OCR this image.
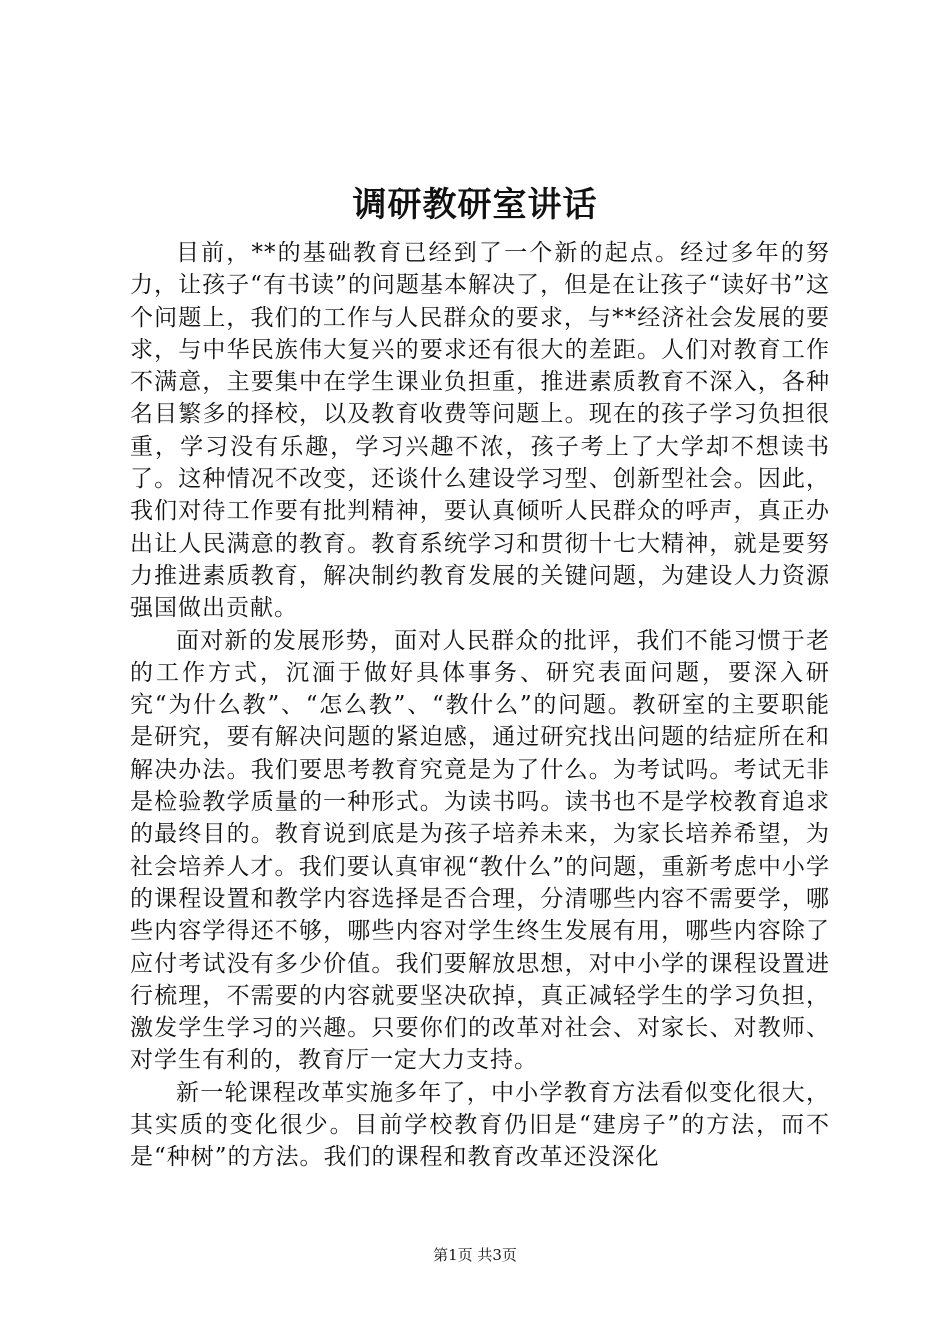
调研教研室讲话

目前，**的基础教育已经到了一个新的起点。经过多年的努力，让孩子“有书读”的问题基本解决了，但是在让孩子“读好书”这个问题上，我们的工作与人民群众的要求，与**经济社会发展的要求，与中华民族伟大复兴的要求还有很大的差距。人们对教育工作不满意，主要集中在学生课业负担重，推进素质教育不深入，各种名目繁多的择校，以及教育收费等问题上。现在的孩子学习负担很重，学习没有乐趣，学习兴趣不浓，孩子考上了大学却不想读书了。这种情况不改变，还谈什么建设学习型、创新型社会。因此，我们对待工作要有批判精神，要认真倾听人民群众的呼声，真正办出让人民满意的教育。教育系统学习和贯彻十七大精神，就是要努力推进素质教育，解决制约教育发展的关键问题，为建设人力资源强国做出贡献。

面对新的发展形势，面对人民群众的批评，我们不能习惯于老的工作方式，沉湎于做好具体事务、研究表面问题，要深入研究“为什么教”、“怎么教”、“教什么”的问题。教研室的主要职能是研究，要有解决问题的紧迫感，通过研究找出问题的结症所在和解决办法。我们要思考教育究竟是为了什么。为考试吗。考试无非是检验教学质量的一种形式。为读书吗。读书也不是学校教育追求的最终目的。教育说到底是为孩子培养未来，为家长培养希望，为社会培养人才。我们要认真审视“教什么”的问题，重新考虑中小学的课程设置和教学内容选择是否合理，分清哪些内容不需要学，哪些内容学得还不够，哪些内容对学生终生发展有用，哪些内容除了应付考试没有多少价值。我们要解放思想，对中小学的课程设置进行梳理，不需要的内容就要坚决砍掉，真正减轻学生的学习负担，激发学生学习的兴趣。只要你们的改革对社会、对家长、对教师、对学生有利的，教育厅一定大力支持。

新一轮课程改革实施多年了，中小学教育方法看似变化很大，其实质的变化很少。目前学校教育仍旧是“建房子”的方法，而不是“种树”的方法。我们的课程和教育改革还没深化

第1页 共3页
